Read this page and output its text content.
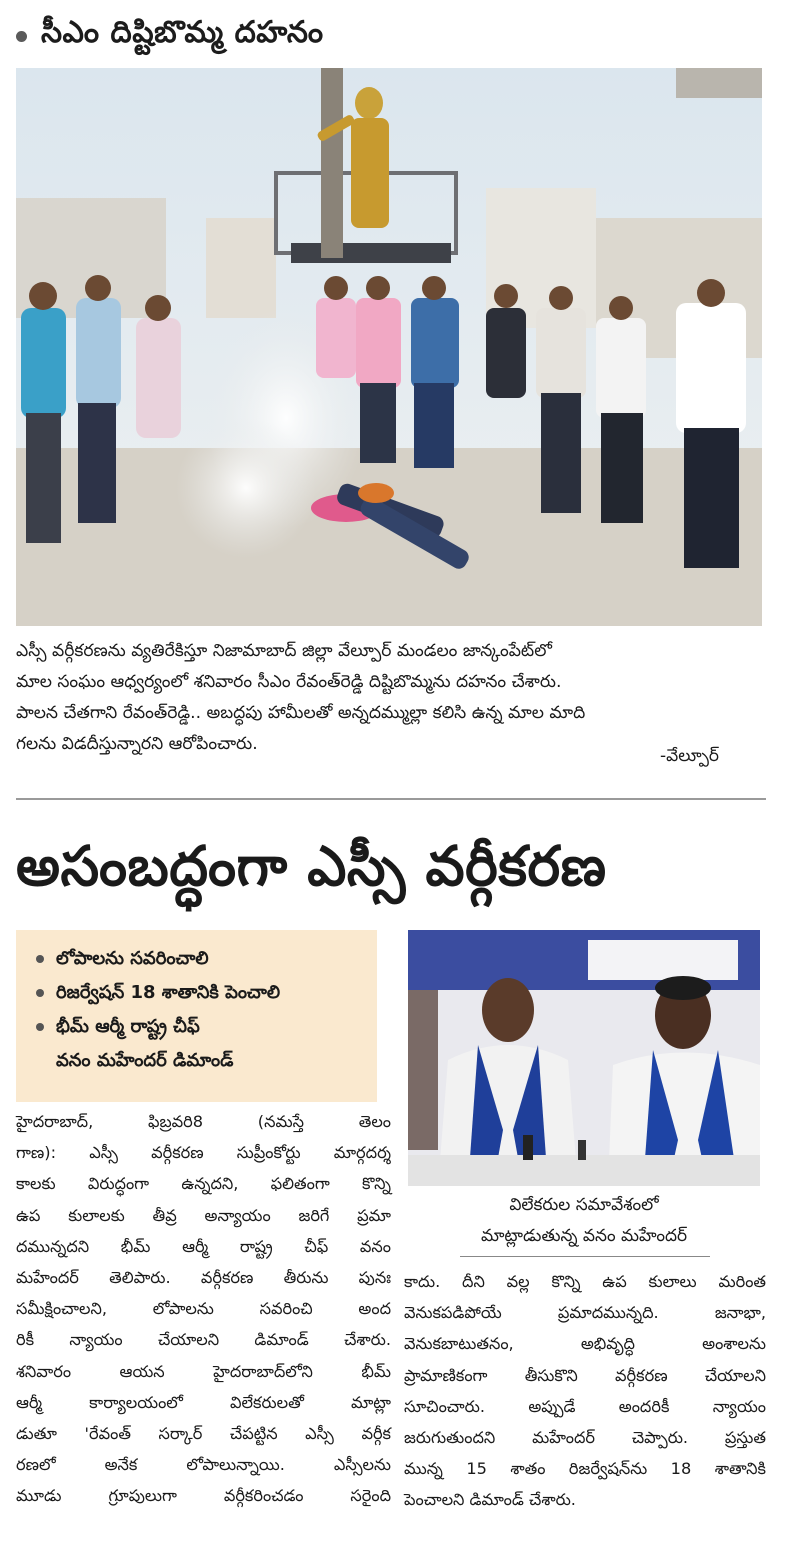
సీఎం దిష్టిబొమ్మ దహనం

ఎస్సీ వర్గీకరణను వ్యతిరేకిస్తూ నిజామాబాద్ జిల్లా వేల్పూర్ మండలం జాన్కంపేట్‌లో

మాల సంఘం ఆధ్వర్యంలో శనివారం సీఎం రేవంత్‌రెడ్డి దిష్టిబొమ్మను దహనం చేశారు.

పాలన చేతగాని రేవంత్‌రెడ్డి.. అబద్ధపు హామీలతో అన్నదమ్ముల్లా కలిసి ఉన్న మాల మాది

గలను విడదీస్తున్నారని ఆరోపించారు.

-వేల్పూర్
అసంబద్ధంగా ఎస్సీ వర్గీకరణ
లోపాలను సవరించాలి
రిజర్వేషన్ 18 శాతానికి పెంచాలి
భీమ్ ఆర్మీ రాష్ట్ర చీఫ్
వనం మహేందర్ డిమాండ్

విలేకరుల సమావేశంలో

మాట్లాడుతున్న వనం మహేందర్

హైదరాబాద్, ఫిబ్రవరి8 (నమస్తే తెలం

గాణ): ఎస్సీ వర్గీకరణ సుప్రీంకోర్టు మార్గదర్శ

కాలకు విరుద్ధంగా ఉన్నదని, ఫలితంగా కొన్ని

ఉప కులాలకు తీవ్ర అన్యాయం జరిగే ప్రమా

దమున్నదని భీమ్ ఆర్మీ రాష్ట్ర చీఫ్ వనం

మహేందర్ తెలిపారు. వర్గీకరణ తీరును పునః

సమీక్షించాలని, లోపాలను సవరించి అంద

రికీ న్యాయం చేయాలని డిమాండ్ చేశారు.

శనివారం ఆయన హైదరాబాద్‌లోని భీమ్

ఆర్మీ కార్యాలయంలో విలేకరులతో మాట్లా

డుతూ 'రేవంత్ సర్కార్ చేపట్టిన ఎస్సీ వర్గీక

రణలో అనేక లోపాలున్నాయి. ఎస్సీలను

మూడు గ్రూపులుగా వర్గీకరించడం సరైంది

కాదు. దీని వల్ల కొన్ని ఉప కులాలు మరింత

వెనుకపడిపోయే ప్రమాదమున్నది. జనాభా,

వెనుకబాటుతనం, అభివృద్ధి అంశాలను

ప్రామాణికంగా తీసుకొని వర్గీకరణ చేయాలని

సూచించారు. అప్పుడే అందరికీ న్యాయం

జరుగుతుందని మహేందర్ చెప్పారు. ప్రస్తుత

మున్న 15 శాతం రిజర్వేషన్‌ను 18 శాతానికి

పెంచాలని డిమాండ్ చేశారు.
